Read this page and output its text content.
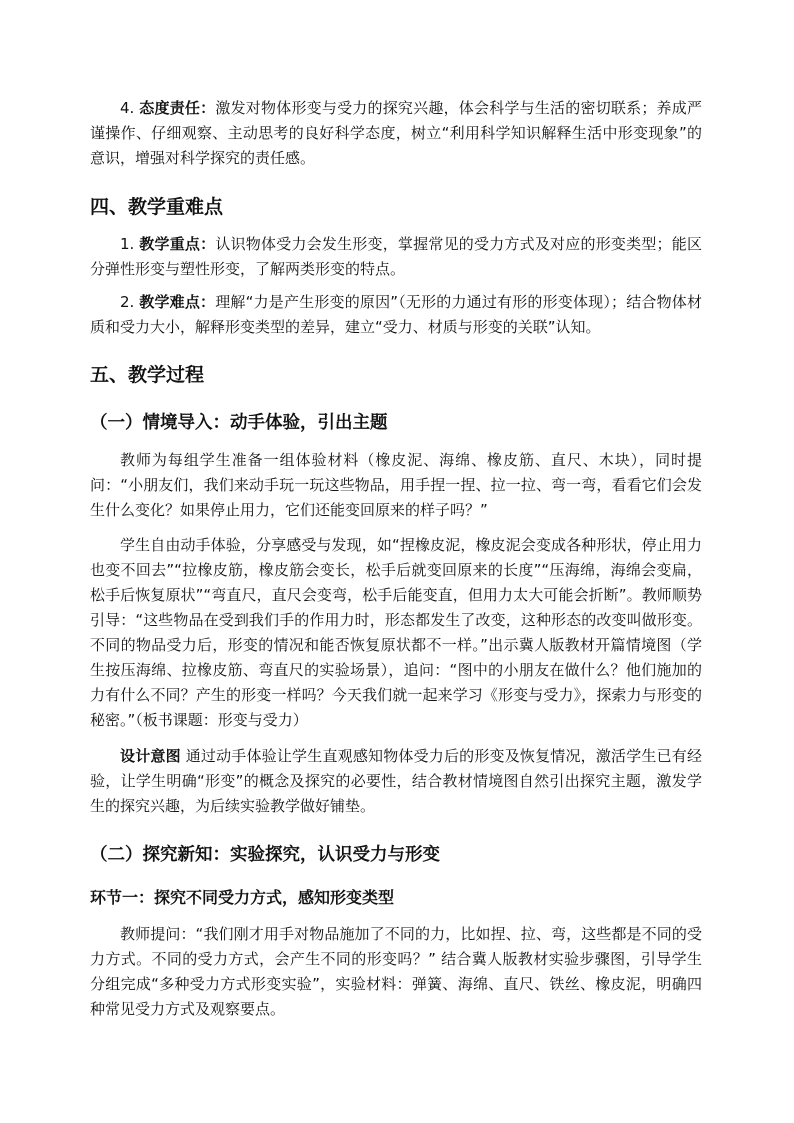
4. 态度责任：激发对物体形变与受力的探究兴趣，体会科学与生活的密切联系；养成严谨操作、仔细观察、主动思考的良好科学态度，树立“利用科学知识解释生活中形变现象”的意识，增强对科学探究的责任感。

四、教学重难点

1. 教学重点：认识物体受力会发生形变，掌握常见的受力方式及对应的形变类型；能区分弹性形变与塑性形变，了解两类形变的特点。

2. 教学难点：理解“力是产生形变的原因”（无形的力通过有形的形变体现）；结合物体材质和受力大小，解释形变类型的差异，建立“受力、材质与形变的关联”认知。

五、教学过程
（一）情境导入：动手体验，引出主题

教师为每组学生准备一组体验材料（橡皮泥、海绵、橡皮筋、直尺、木块），同时提问：“小朋友们，我们来动手玩一玩这些物品，用手捏一捏、拉一拉、弯一弯，看看它们会发生什么变化？如果停止用力，它们还能变回原来的样子吗？”

学生自由动手体验，分享感受与发现，如“捏橡皮泥，橡皮泥会变成各种形状，停止用力也变不回去”“拉橡皮筋，橡皮筋会变长，松手后就变回原来的长度”“压海绵，海绵会变扁，松手后恢复原状”“弯直尺，直尺会变弯，松手后能变直，但用力太大可能会折断”。教师顺势引导：“这些物品在受到我们手的作用力时，形态都发生了改变，这种形态的改变叫做形变。不同的物品受力后，形变的情况和能否恢复原状都不一样。”出示冀人版教材开篇情境图（学生按压海绵、拉橡皮筋、弯直尺的实验场景），追问：“图中的小朋友在做什么？他们施加的力有什么不同？产生的形变一样吗？今天我们就一起来学习《形变与受力》，探索力与形变的秘密。”（板书课题：形变与受力）

设计意图 通过动手体验让学生直观感知物体受力后的形变及恢复情况，激活学生已有经验，让学生明确“形变”的概念及探究的必要性，结合教材情境图自然引出探究主题，激发学生的探究兴趣，为后续实验教学做好铺垫。

（二）探究新知：实验探究，认识受力与形变
环节一：探究不同受力方式，感知形变类型

教师提问：“我们刚才用手对物品施加了不同的力，比如捏、拉、弯，这些都是不同的受力方式。不同的受力方式，会产生不同的形变吗？” 结合冀人版教材实验步骤图，引导学生分组完成“多种受力方式形变实验”，实验材料：弹簧、海绵、直尺、铁丝、橡皮泥，明确四种常见受力方式及观察要点。
